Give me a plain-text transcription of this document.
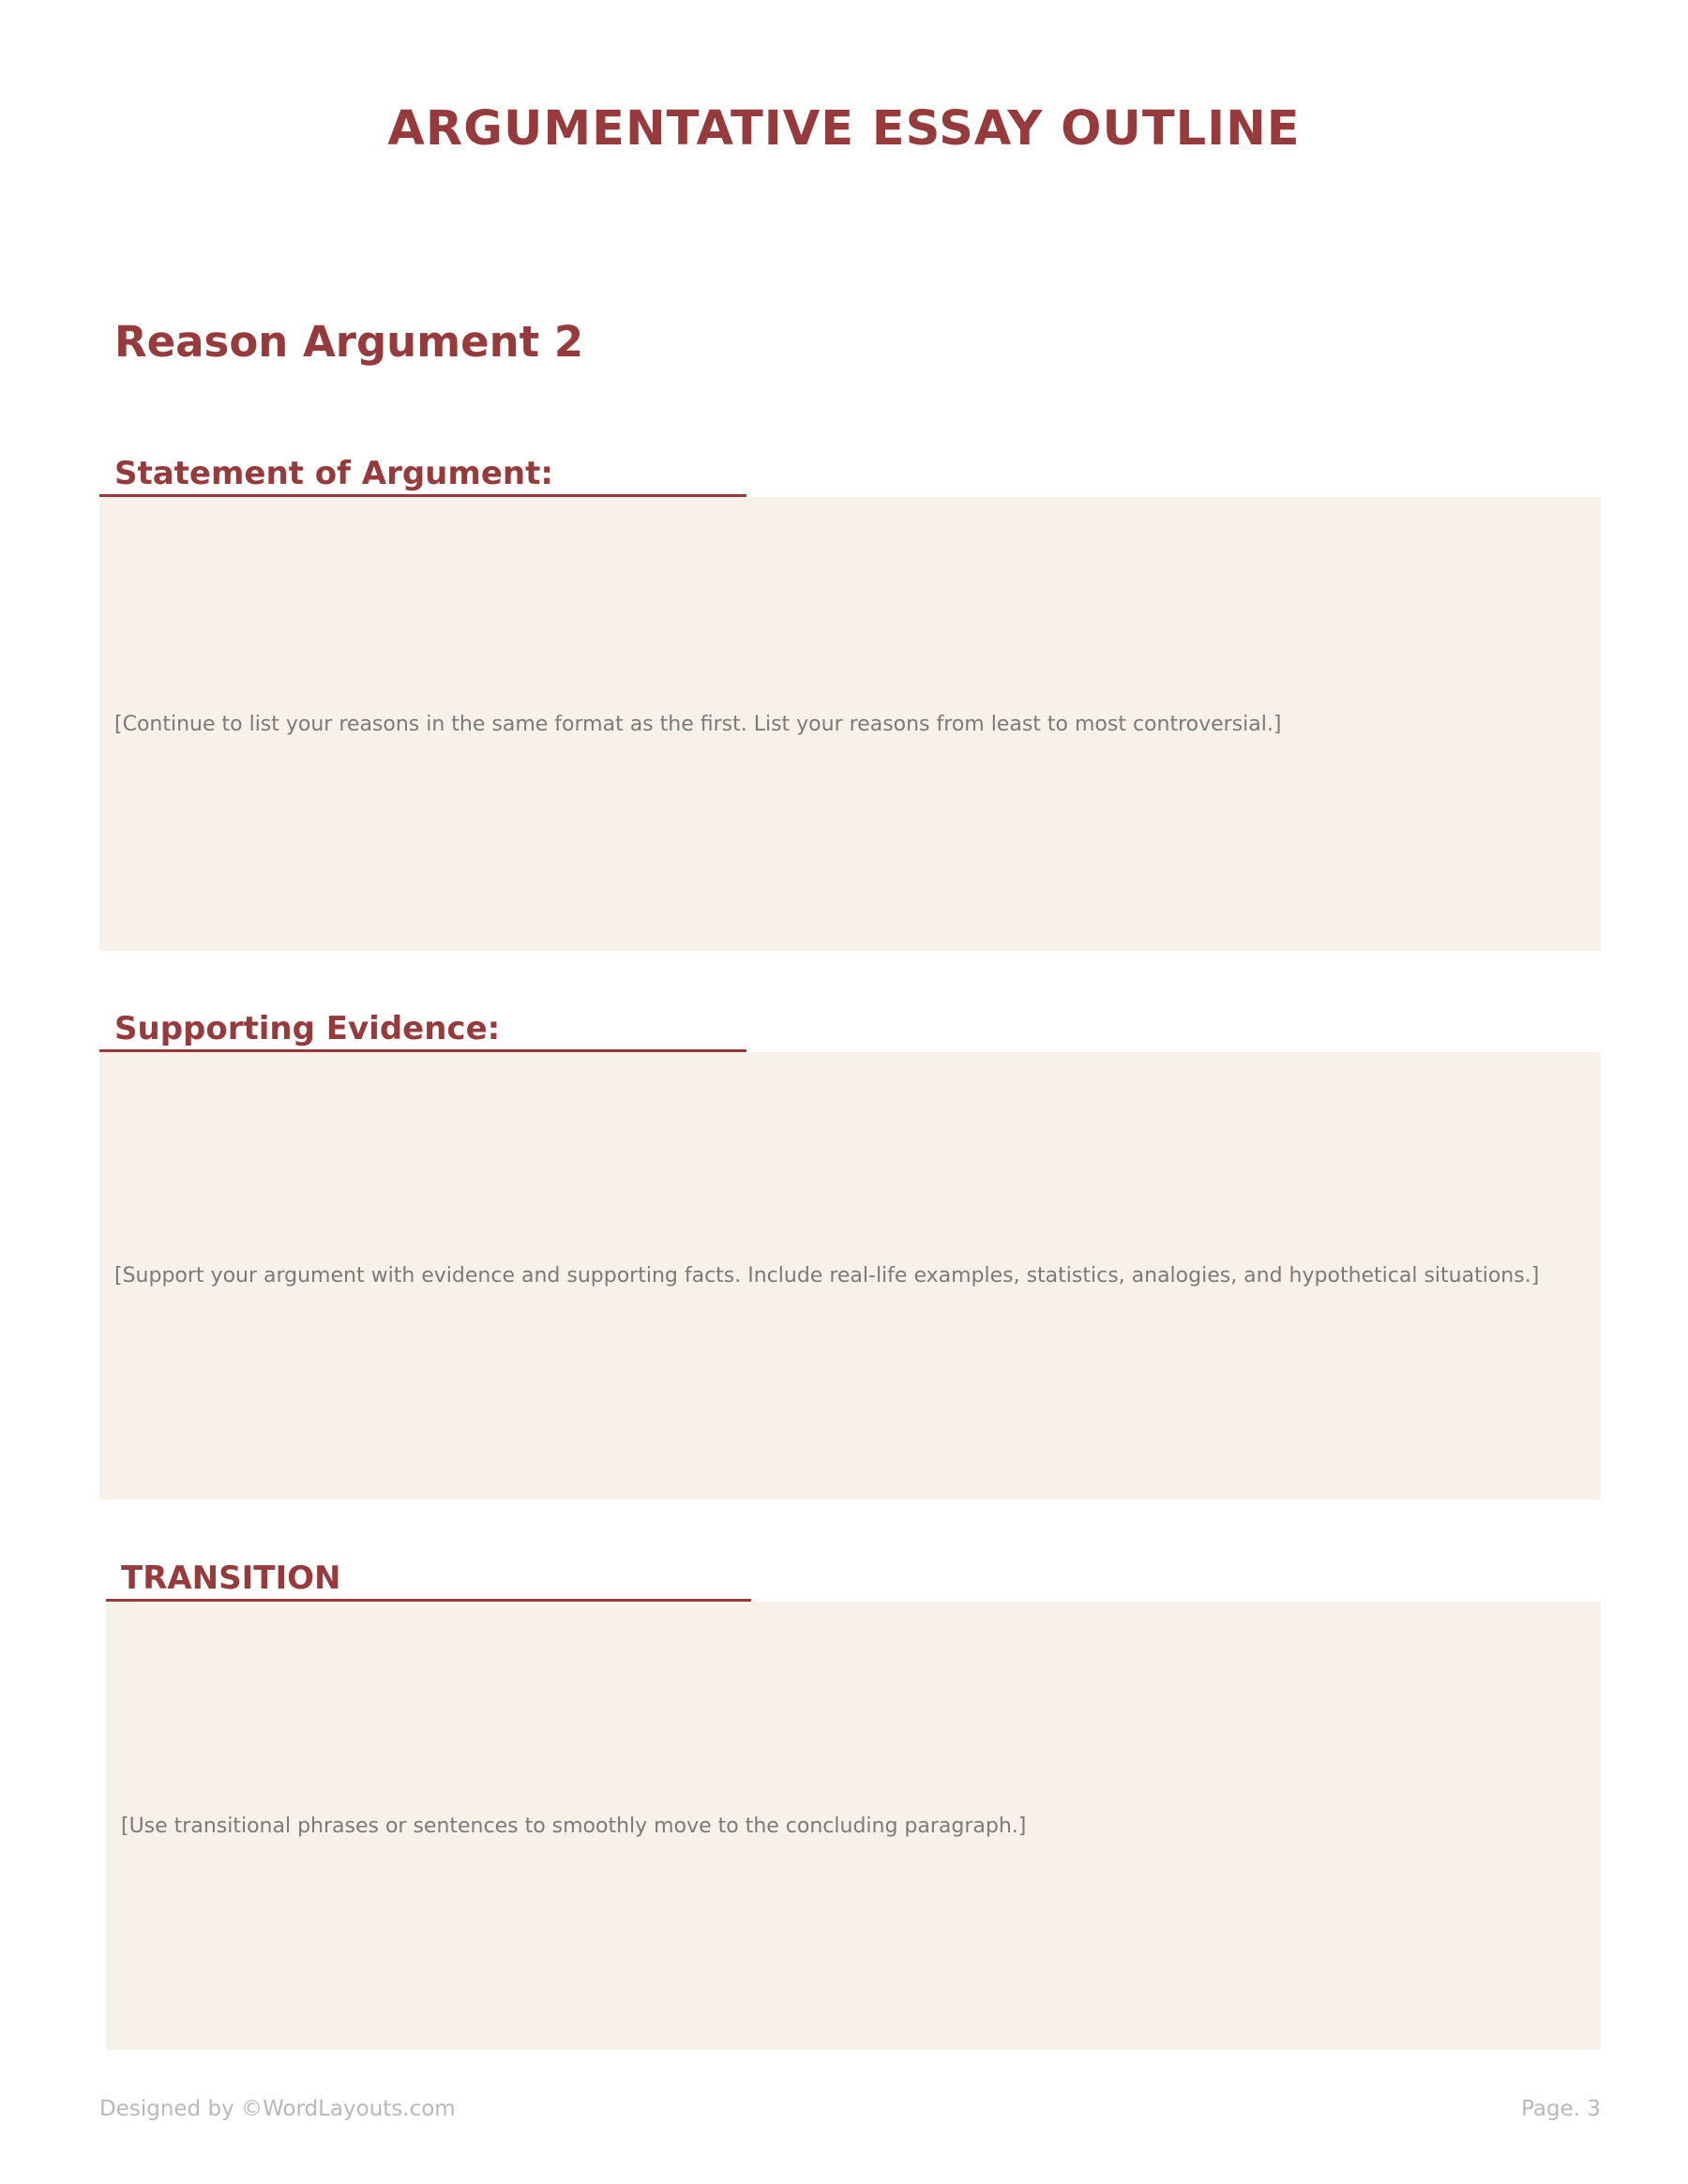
ARGUMENTATIVE ESSAY OUTLINE
Reason Argument 2
Statement of Argument:
[Continue to list your reasons in the same format as the first. List your reasons from least to most controversial.]
Supporting Evidence:
[Support your argument with evidence and supporting facts. Include real-life examples, statistics, analogies, and hypothetical situations.]
TRANSITION
[Use transitional phrases or sentences to smoothly move to the concluding paragraph.]
Designed by ©WordLayouts.com	Page. 3
